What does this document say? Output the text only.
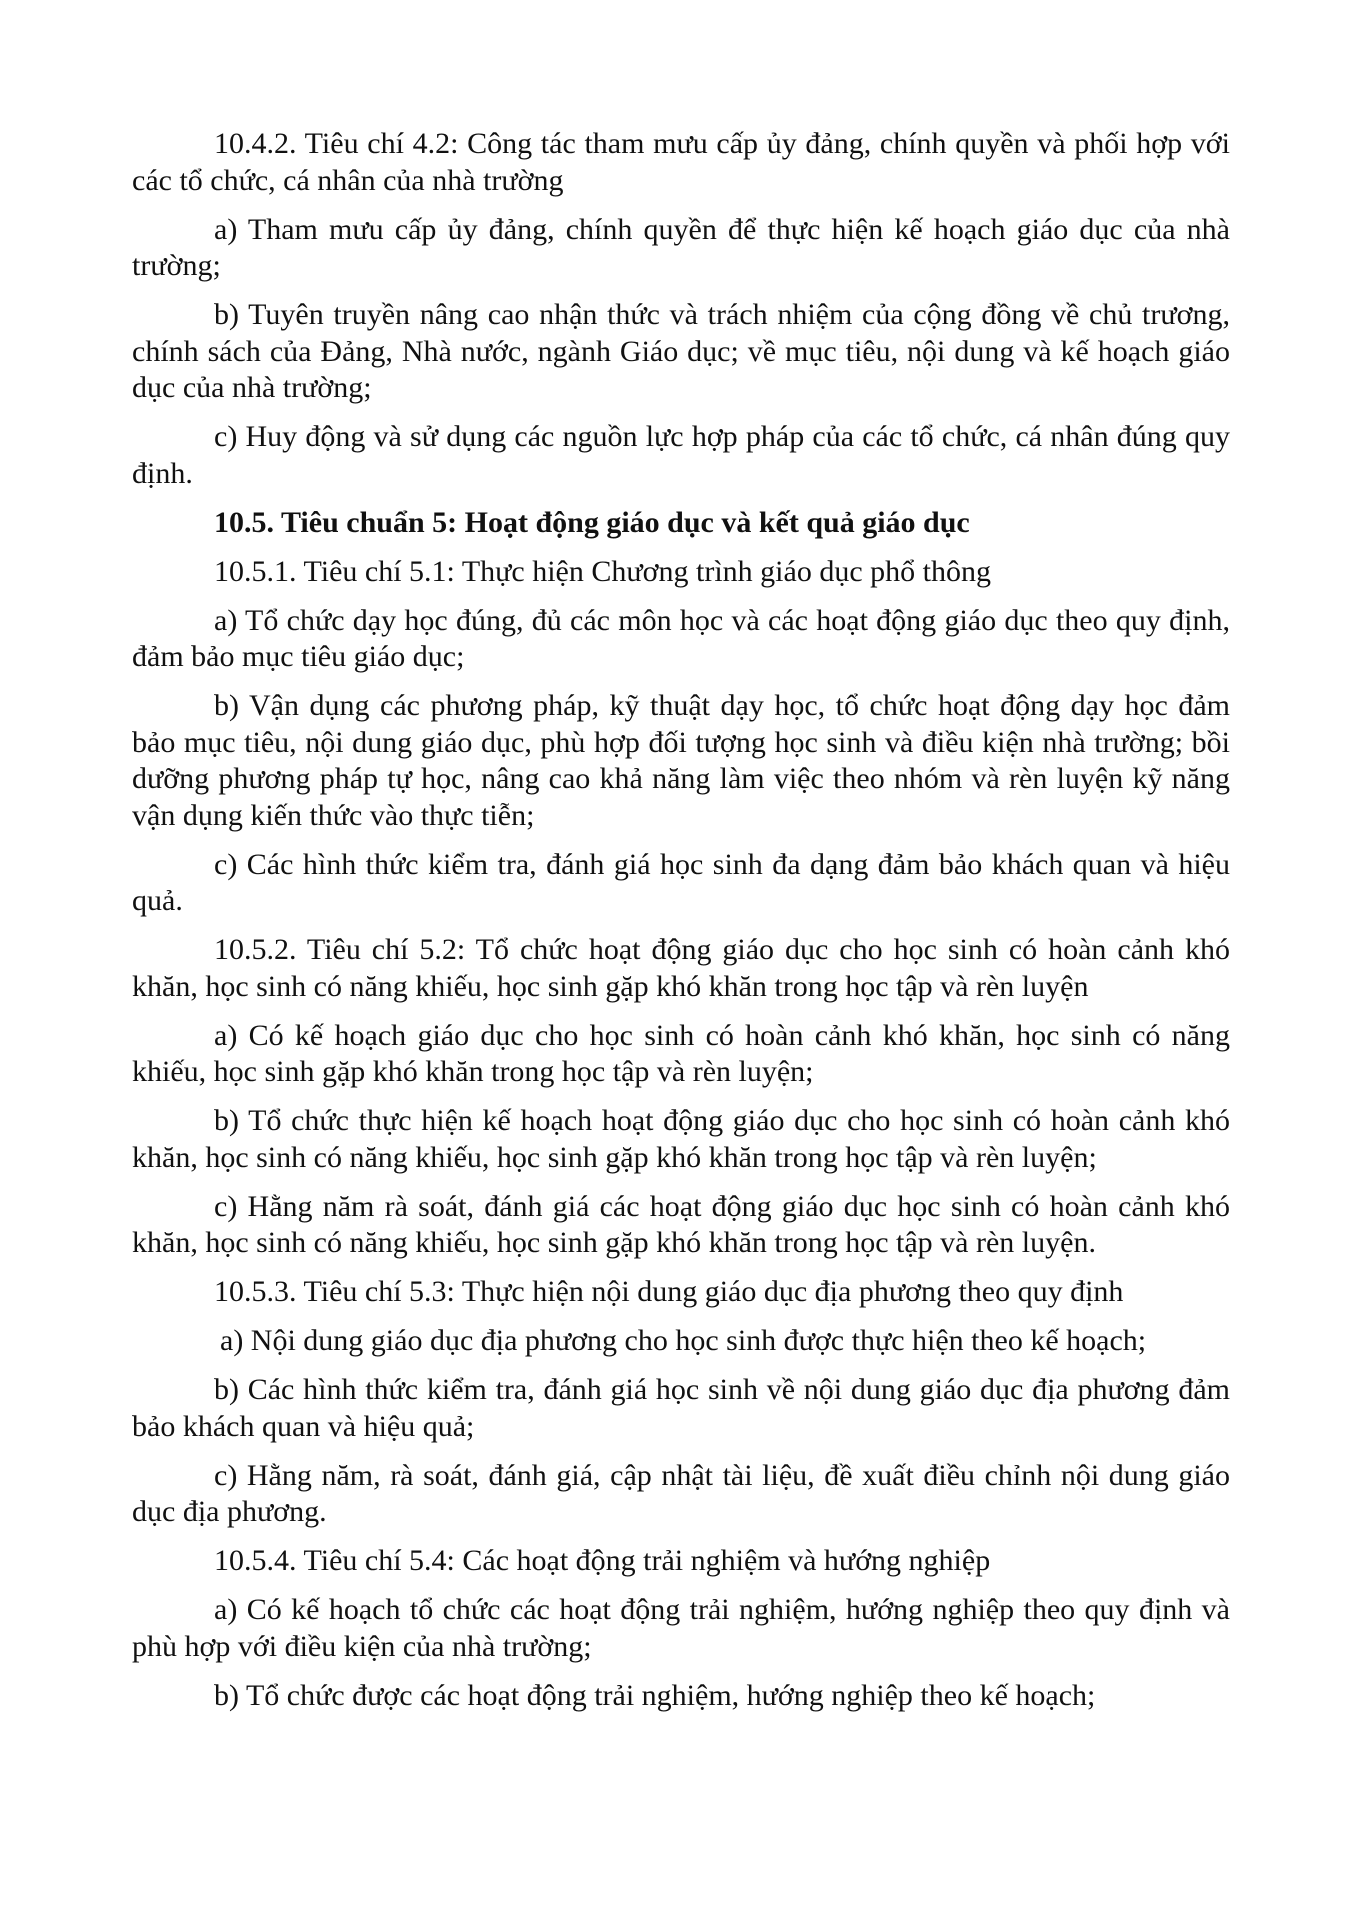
10.4.2. Tiêu chí 4.2: Công tác tham mưu cấp ủy đảng, chính quyền và phối hợp với các tổ chức, cá nhân của nhà trường

a) Tham mưu cấp ủy đảng, chính quyền để thực hiện kế hoạch giáo dục của nhà trường;

b) Tuyên truyền nâng cao nhận thức và trách nhiệm của cộng đồng về chủ trương, chính sách của Đảng, Nhà nước, ngành Giáo dục; về mục tiêu, nội dung và kế hoạch giáo dục của nhà trường;

c) Huy động và sử dụng các nguồn lực hợp pháp của các tổ chức, cá nhân đúng quy định.

10.5. Tiêu chuẩn 5: Hoạt động giáo dục và kết quả giáo dục

10.5.1. Tiêu chí 5.1: Thực hiện Chương trình giáo dục phổ thông

a) Tổ chức dạy học đúng, đủ các môn học và các hoạt động giáo dục theo quy định, đảm bảo mục tiêu giáo dục;

b) Vận dụng các phương pháp, kỹ thuật dạy học, tổ chức hoạt động dạy học đảm bảo mục tiêu, nội dung giáo dục, phù hợp đối tượng học sinh và điều kiện nhà trường; bồi dưỡng phương pháp tự học, nâng cao khả năng làm việc theo nhóm và rèn luyện kỹ năng vận dụng kiến thức vào thực tiễn;

c) Các hình thức kiểm tra, đánh giá học sinh đa dạng đảm bảo khách quan và hiệu quả.

10.5.2. Tiêu chí 5.2: Tổ chức hoạt động giáo dục cho học sinh có hoàn cảnh khó khăn, học sinh có năng khiếu, học sinh gặp khó khăn trong học tập và rèn luyện

a) Có kế hoạch giáo dục cho học sinh có hoàn cảnh khó khăn, học sinh có năng khiếu, học sinh gặp khó khăn trong học tập và rèn luyện;

b) Tổ chức thực hiện kế hoạch hoạt động giáo dục cho học sinh có hoàn cảnh khó khăn, học sinh có năng khiếu, học sinh gặp khó khăn trong học tập và rèn luyện;

c) Hằng năm rà soát, đánh giá các hoạt động giáo dục học sinh có hoàn cảnh khó khăn, học sinh có năng khiếu, học sinh gặp khó khăn trong học tập và rèn luyện.

10.5.3. Tiêu chí 5.3: Thực hiện nội dung giáo dục địa phương theo quy định

a) Nội dung giáo dục địa phương cho học sinh được thực hiện theo kế hoạch;

b) Các hình thức kiểm tra, đánh giá học sinh về nội dung giáo dục địa phương đảm bảo khách quan và hiệu quả;

c) Hằng năm, rà soát, đánh giá, cập nhật tài liệu, đề xuất điều chỉnh nội dung giáo dục địa phương.

10.5.4. Tiêu chí 5.4: Các hoạt động trải nghiệm và hướng nghiệp

a) Có kế hoạch tổ chức các hoạt động trải nghiệm, hướng nghiệp theo quy định và phù hợp với điều kiện của nhà trường;

b) Tổ chức được các hoạt động trải nghiệm, hướng nghiệp theo kế hoạch;
